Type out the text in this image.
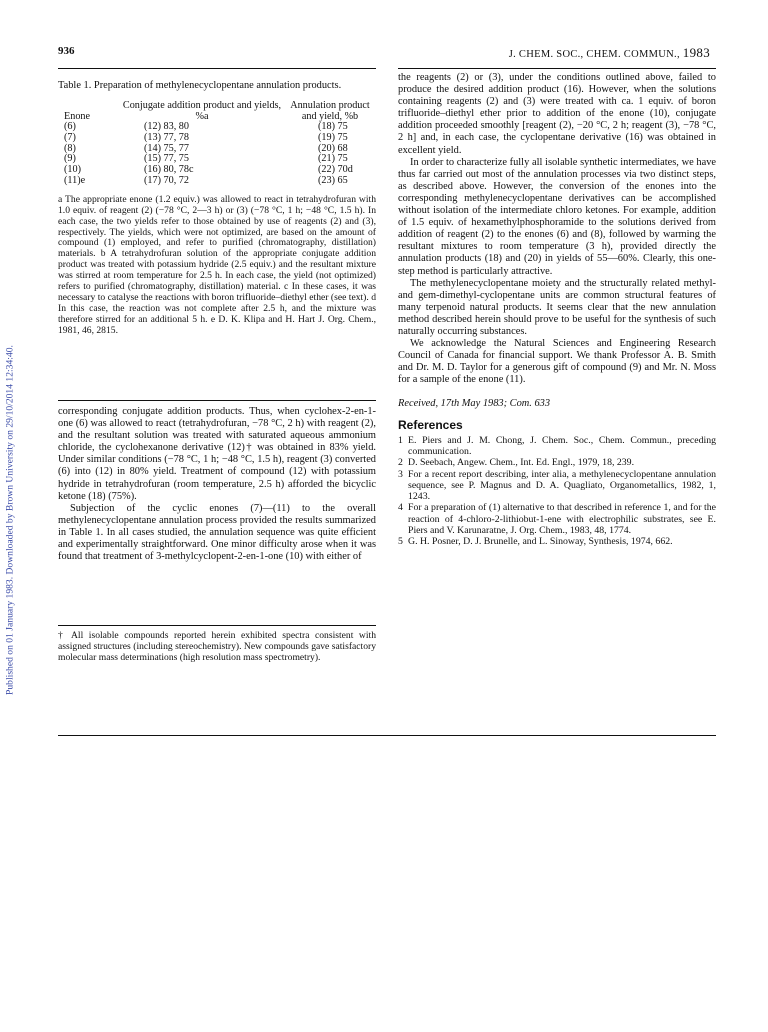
Published on 01 January 1983. Downloaded by Brown University on 29/10/2014 12:34:40.
936	J. CHEM. SOC., CHEM. COMMUN., 1983
Table 1. Preparation of methylenecyclopentane annulation products.
Enone	Conjugate addition product and yields, %a	Annulation product and yield, %b
(6)	(12) 83, 80	(18) 75
(7)	(13) 77, 78	(19) 75
(8)	(14) 75, 77	(20) 68
(9)	(15) 77, 75	(21) 75
(10)	(16) 80, 78c	(22) 70d
(11)e	(17) 70, 72	(23) 65
a The appropriate enone (1.2 equiv.) was allowed to react in tetrahydrofuran with 1.0 equiv. of reagent (2) (−78 °C, 2—3 h) or (3) (−78 °C, 1 h; −48 °C, 1.5 h). In each case, the two yields refer to those obtained by use of reagents (2) and (3), respectively. The yields, which were not optimized, are based on the amount of compound (1) employed, and refer to purified (chromatography, distillation) materials. b A tetrahydrofuran solution of the appropriate conjugate addition product was treated with potassium hydride (2.5 equiv.) and the resultant mixture was stirred at room temperature for 2.5 h. In each case, the yield (not optimized) refers to purified (chromatography, distillation) material. c In these cases, it was necessary to catalyse the reactions with boron trifluoride–diethyl ether (see text). d In this case, the reaction was not complete after 2.5 h, and the mixture was therefore stirred for an additional 5 h. e D. K. Klipa and H. Hart J. Org. Chem., 1981, 46, 2815.

corresponding conjugate addition products. Thus, when cyclohex-2-en-1-one (6) was allowed to react (tetrahydrofuran, −78 °C, 2 h) with reagent (2), and the resultant solution was treated with saturated aqueous ammonium chloride, the cyclohexanone derivative (12)† was obtained in 83% yield. Under similar conditions (−78 °C, 1 h; −48 °C, 1.5 h), reagent (3) converted (6) into (12) in 80% yield. Treatment of compound (12) with potassium hydride in tetrahydrofuran (room temperature, 2.5 h) afforded the bicyclic ketone (18) (75%).

Subjection of the cyclic enones (7)—(11) to the overall methylenecyclopentane annulation process provided the results summarized in Table 1. In all cases studied, the annulation sequence was quite efficient and experimentally straightforward. One minor difficulty arose when it was found that treatment of 3-methylcyclopent-2-en-1-one (10) with either of

† All isolable compounds reported herein exhibited spectra consistent with assigned structures (including stereochemistry). New compounds gave satisfactory molecular mass determinations (high resolution mass spectrometry).

the reagents (2) or (3), under the conditions outlined above, failed to produce the desired addition product (16). However, when the solutions containing reagents (2) and (3) were treated with ca. 1 equiv. of boron trifluoride–diethyl ether prior to addition of the enone (10), conjugate addition proceeded smoothly [reagent (2), −20 °C, 2 h; reagent (3), −78 °C, 2 h] and, in each case, the cyclopentane derivative (16) was obtained in excellent yield.

In order to characterize fully all isolable synthetic intermediates, we have thus far carried out most of the annulation processes via two distinct steps, as described above. However, the conversion of the enones into the corresponding methylenecyclopentane derivatives can be accomplished without isolation of the intermediate chloro ketones. For example, addition of 1.5 equiv. of hexamethylphosphoramide to the solutions derived from addition of reagent (2) to the enones (6) and (8), followed by warming the resultant mixtures to room temperature (3 h), provided directly the annulation products (18) and (20) in yields of 55—60%. Clearly, this one-step method is particularly attractive.

The methylenecyclopentane moiety and the structurally related methyl- and gem-dimethyl-cyclopentane units are common structural features of many terpenoid natural products. It seems clear that the new annulation method described herein should prove to be useful for the synthesis of such naturally occurring substances.

We acknowledge the Natural Sciences and Engineering Research Council of Canada for financial support. We thank Professor A. B. Smith and Dr. M. D. Taylor for a generous gift of compound (9) and Mr. N. Moss for a sample of the enone (11).

Received, 17th May 1983; Com. 633
References
1 E. Piers and J. M. Chong, J. Chem. Soc., Chem. Commun., preceding communication.
2 D. Seebach, Angew. Chem., Int. Ed. Engl., 1979, 18, 239.
3 For a recent report describing, inter alia, a methylenecyclopentane annulation sequence, see P. Magnus and D. A. Quagliato, Organometallics, 1982, 1, 1243.
4 For a preparation of (1) alternative to that described in reference 1, and for the reaction of 4-chloro-2-lithiobut-1-ene with electrophilic substrates, see E. Piers and V. Karunaratne, J. Org. Chem., 1983, 48, 1774.
5 G. H. Posner, D. J. Brunelle, and L. Sinoway, Synthesis, 1974, 662.
